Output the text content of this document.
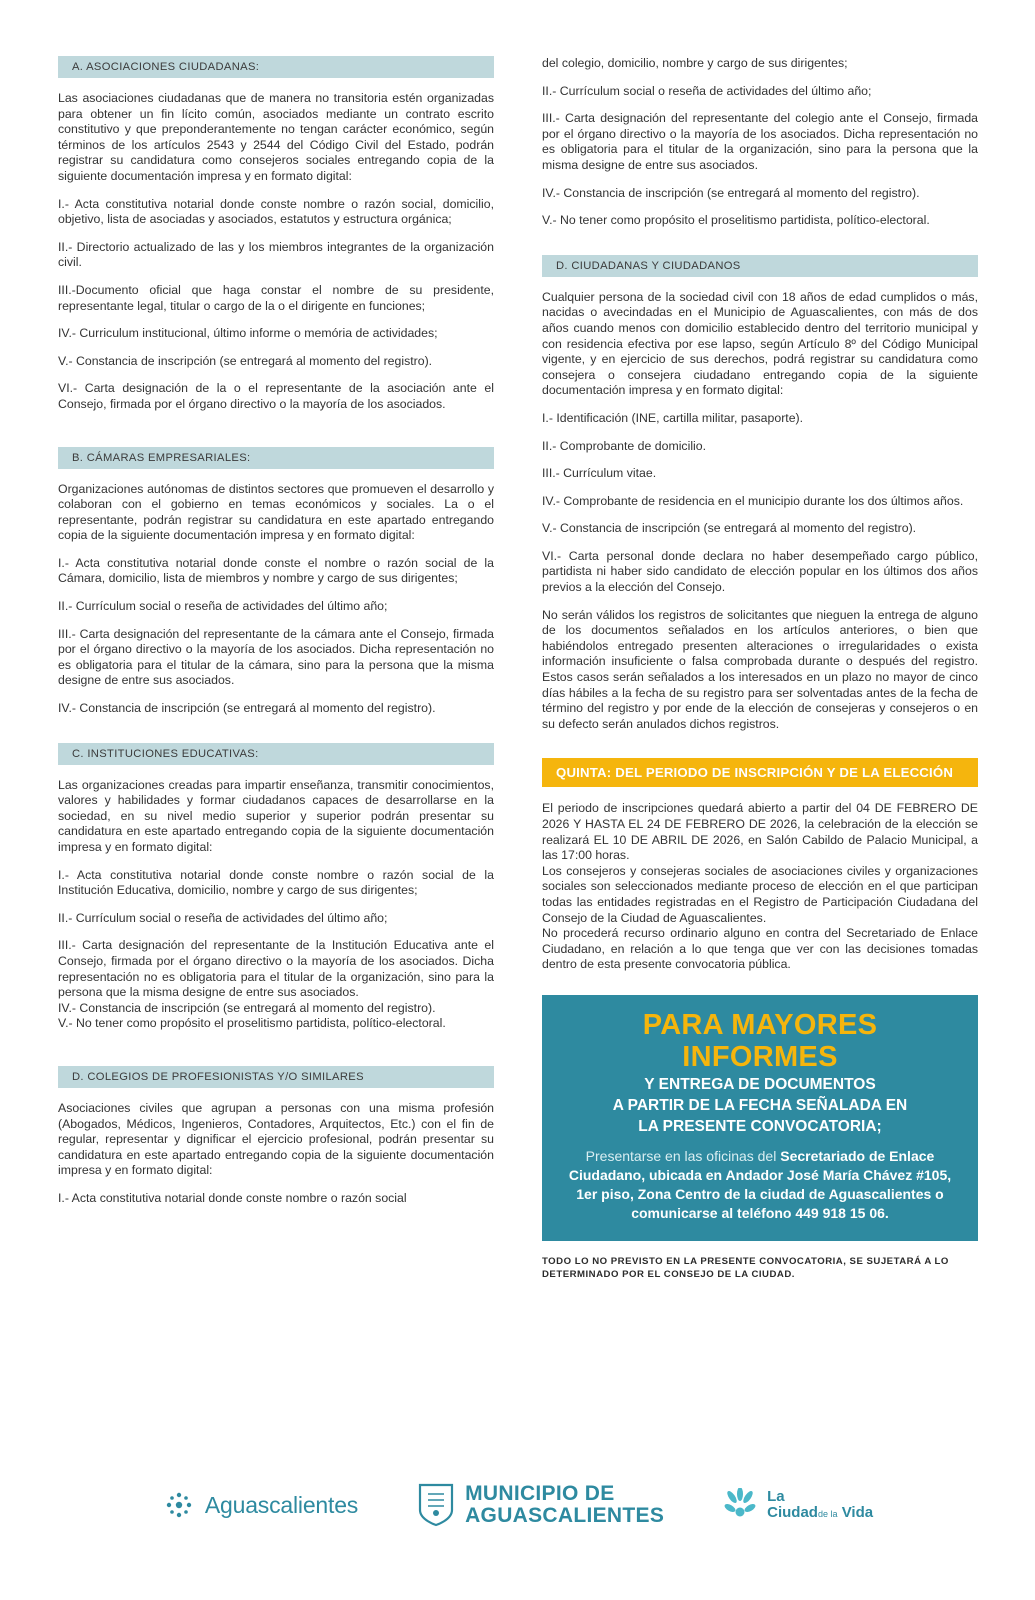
A. ASOCIACIONES CIUDADANAS:

Las asociaciones ciudadanas que de manera no transitoria estén organizadas para obtener un fin lícito común, asociados mediante un contrato escrito constitutivo y que preponderantemente no tengan carácter económico, según términos de los artículos 2543 y 2544 del Código Civil del Estado, podrán registrar su candidatura como consejeros sociales entregando copia de la siguiente documentación impresa y en formato digital:

I.- Acta constitutiva notarial donde conste nombre o razón social, domicilio, objetivo, lista de asociadas y asociados, estatutos y estructura orgánica;

II.- Directorio actualizado de las y los miembros integrantes de la organización civil.

III.-Documento oficial que haga constar el nombre de su presidente, representante legal, titular o cargo de la o el dirigente en funciones;

IV.- Curriculum institucional, último informe o memória de actividades;

V.- Constancia de inscripción (se entregará al momento del registro).

VI.- Carta designación de la o el representante de la asociación ante el Consejo, firmada por el órgano directivo o la mayoría de los asociados.

B. CÁMARAS EMPRESARIALES:

Organizaciones autónomas de distintos sectores que promueven el desarrollo y colaboran con el gobierno en temas económicos y sociales. La o el representante, podrán registrar su candidatura en este apartado entregando copia de la siguiente documentación impresa y en formato digital:

I.- Acta constitutiva notarial donde conste el nombre o razón social de la Cámara, domicilio, lista de miembros y nombre y cargo de sus dirigentes;

II.- Currículum social o reseña de actividades del último año;

III.- Carta designación del representante de la cámara ante el Consejo, firmada por el órgano directivo o la mayoría de los asociados. Dicha representación no es obligatoria para el titular de la cámara, sino para la persona que la misma designe de entre sus asociados.

IV.- Constancia de inscripción (se entregará al momento del registro).

C. INSTITUCIONES EDUCATIVAS:

Las organizaciones creadas para impartir enseñanza, transmitir conocimientos, valores y habilidades y formar ciudadanos capaces de desarrollarse en la sociedad, en su nivel medio superior y superior podrán presentar su candidatura en este apartado entregando copia de la siguiente documentación impresa y en formato digital:

I.- Acta constitutiva notarial donde conste nombre o razón social de la Institución Educativa, domicilio, nombre y cargo de sus dirigentes;

II.- Currículum social o reseña de actividades del último año;

III.- Carta designación del representante de la Institución Educativa ante el Consejo, firmada por el órgano directivo o la mayoría de los asociados. Dicha representación no es obligatoria para el titular de la organización, sino para la persona que la misma designe de entre sus asociados.

IV.- Constancia de inscripción (se entregará al momento del registro).

V.- No tener como propósito el proselitismo partidista, político-electoral.

D. COLEGIOS DE PROFESIONISTAS Y/O SIMILARES

Asociaciones civiles que agrupan a personas con una misma profesión (Abogados, Médicos, Ingenieros, Contadores, Arquitectos, Etc.) con el fin de regular, representar y dignificar el ejercicio profesional, podrán presentar su candidatura en este apartado entregando copia de la siguiente documentación impresa y en formato digital:

I.- Acta constitutiva notarial donde conste nombre o razón social

del colegio, domicilio, nombre y cargo de sus dirigentes;

II.- Currículum social o reseña de actividades del último año;

III.- Carta designación del representante del colegio ante el Consejo, firmada por el órgano directivo o la mayoría de los asociados. Dicha representación no es obligatoria para el titular de la organización, sino para la persona que la misma designe de entre sus asociados.

IV.- Constancia de inscripción (se entregará al momento del registro).

V.- No tener como propósito el proselitismo partidista, político-electoral.

D. CIUDADANAS Y CIUDADANOS

Cualquier persona de la sociedad civil con 18 años de edad cumplidos o más, nacidas o avecindadas en el Municipio de Aguascalientes, con más de dos años cuando menos con domicilio establecido dentro del territorio municipal y con residencia efectiva por ese lapso, según Artículo 8º del Código Municipal vigente, y en ejercicio de sus derechos, podrá registrar su candidatura como consejera o consejera ciudadano entregando copia de la siguiente documentación impresa y en formato digital:

I.- Identificación (INE, cartilla militar, pasaporte).

II.- Comprobante de domicilio.

III.- Currículum vitae.

IV.- Comprobante de residencia en el municipio durante los dos últimos años.

V.- Constancia de inscripción (se entregará al momento del registro).

VI.- Carta personal donde declara no haber desempeñado cargo público, partidista ni haber sido candidato de elección popular en los últimos dos años previos a la elección del Consejo.

No serán válidos los registros de solicitantes que nieguen la entrega de alguno de los documentos señalados en los artículos anteriores, o bien que habiéndolos entregado presenten alteraciones o irregularidades o exista información insuficiente o falsa comprobada durante o después del registro. Estos casos serán señalados a los interesados en un plazo no mayor de cinco días hábiles a la fecha de su registro para ser solventadas antes de la fecha de término del registro y por ende de la elección de consejeras y consejeros o en su defecto serán anulados dichos registros.

QUINTA: DEL PERIODO DE INSCRIPCIÓN Y DE LA ELECCIÓN

El periodo de inscripciones quedará abierto a partir del 04 DE FEBRERO DE 2026 Y HASTA EL 24 DE FEBRERO DE 2026, la celebración de la elección se realizará EL 10 DE ABRIL DE 2026, en Salón Cabildo de Palacio Municipal, a las 17:00 horas.

Los consejeros y consejeras sociales de asociaciones civiles y organizaciones sociales son seleccionados mediante proceso de elección en el que participan todas las entidades registradas en el Registro de Participación Ciudadana del Consejo de la Ciudad de Aguascalientes.

No procederá recurso ordinario alguno en contra del Secretariado de Enlace Ciudadano, en relación a lo que tenga que ver con las decisiones tomadas dentro de esta presente convocatoria pública.

PARA MAYORES INFORMES
Y ENTREGA DE DOCUMENTOS
A PARTIR DE LA FECHA SEÑALADA EN
LA PRESENTE CONVOCATORIA;
Presentarse en las oficinas del Secretariado de Enlace Ciudadano, ubicada en Andador José María Chávez #105, 1er piso, Zona Centro de la ciudad de Aguascalientes o comunicarse al teléfono 449 918 15 06.
TODO LO NO PREVISTO EN LA PRESENTE CONVOCATORIA, SE SUJETARÁ A LO DETERMINADO POR EL CONSEJO DE LA CIUDAD.
Aguascalientes	MUNICIPIO DE
AGUASCALIENTES
La
Ciudadde la Vida
